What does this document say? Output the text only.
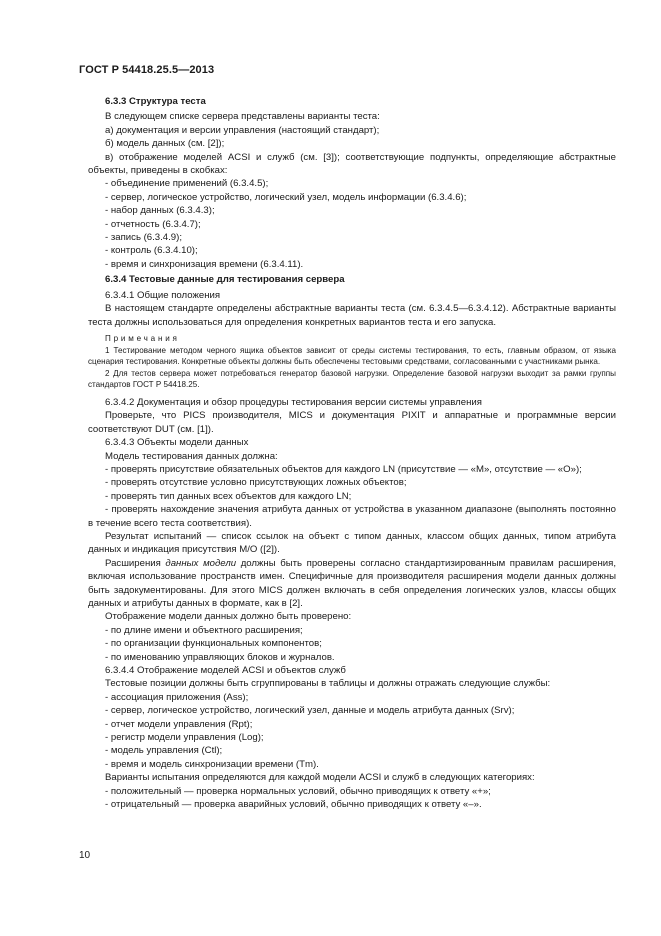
ГОСТ Р 54418.25.5—2013

6.3.3 Структура теста

В следующем списке сервера представлены варианты теста:

а) документация и версии управления (настоящий стандарт);

б) модель данных (см. [2]);

в) отображение моделей ACSI и служб (см. [3]); соответствующие подпункты, определяющие абстрактные объекты, приведены в скобках:

- объединение применений (6.3.4.5);

- сервер, логическое устройство, логический узел, модель информации (6.3.4.6);

- набор данных (6.3.4.3);

- отчетность (6.3.4.7);

- запись (6.3.4.9);

- контроль (6.3.4.10);

- время и синхронизация времени (6.3.4.11).

6.3.4 Тестовые данные для тестирования сервера

6.3.4.1 Общие положения

В настоящем стандарте определены абстрактные варианты теста (см. 6.3.4.5—6.3.4.12). Абстрактные варианты теста должны использоваться для определения конкретных вариантов теста и его запуска.

Примечания

1 Тестирование методом черного ящика объектов зависит от среды системы тестирования, то есть, главным образом, от языка сценария тестирования. Конкретные объекты должны быть обеспечены тестовыми средствами, согласованными с участниками рынка.

2 Для тестов сервера может потребоваться генератор базовой нагрузки. Определение базовой нагрузки выходит за рамки группы стандартов ГОСТ Р 54418.25.

6.3.4.2 Документация и обзор процедуры тестирования версии системы управления

Проверьте, что PICS производителя, MICS и документация PIXIT и аппаратные и программные версии соответствуют DUT (см. [1]).

6.3.4.3 Объекты модели данных

Модель тестирования данных должна:

- проверять присутствие обязательных объектов для каждого LN (присутствие — «M», отсутствие — «O»);

- проверять отсутствие условно присутствующих ложных объектов;

- проверять тип данных всех объектов для каждого LN;

- проверять нахождение значения атрибута данных от устройства в указанном диапазоне (выполнять постоянно в течение всего теста соответствия).

Результат испытаний — список ссылок на объект с типом данных, классом общих данных, типом атрибута данных и индикация присутствия M/O ([2]).

Расширения данных модели должны быть проверены согласно стандартизированным правилам расширения, включая использование пространств имен. Специфичные для производителя расширения модели данных должны быть задокументированы. Для этого MICS должен включать в себя определения логических узлов, классы общих данных и атрибуты данных в формате, как в [2].

Отображение модели данных должно быть проверено:

- по длине имени и объектного расширения;

- по организации функциональных компонентов;

- по именованию управляющих блоков и журналов.

6.3.4.4 Отображение моделей ACSI и объектов служб

Тестовые позиции должны быть сгруппированы в таблицы и должны отражать следующие службы:

- ассоциация приложения (Ass);

- сервер, логическое устройство, логический узел, данные и модель атрибута данных (Srv);

- отчет модели управления (Rpt);

- регистр модели управления (Log);

- модель управления (Ctl);

- время и модель синхронизации времени (Tm).

Варианты испытания определяются для каждой модели ACSI и служб в следующих категориях:

- положительный — проверка нормальных условий, обычно приводящих к ответу «+»;

- отрицательный — проверка аварийных условий, обычно приводящих к ответу «–».

10
